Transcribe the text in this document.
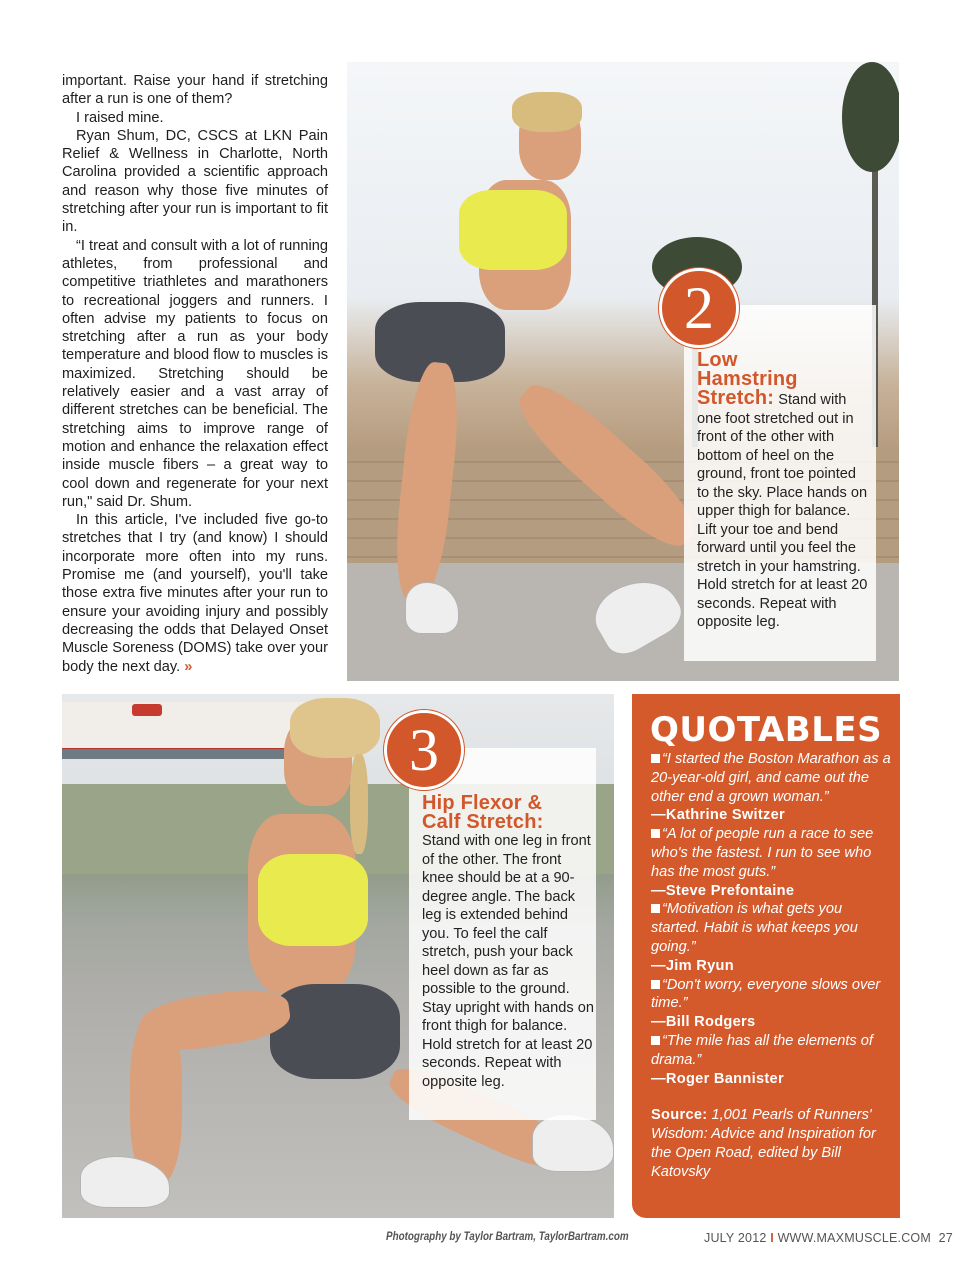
important. Raise your hand if stretching after a run is one of them?

I raised mine.

Ryan Shum, DC, CSCS at LKN Pain Relief & Wellness in Charlotte, North Carolina provided a scientific approach and reason why those five minutes of stretching after your run is important to fit in.

“I treat and consult with a lot of running athletes, from professional and competitive triathletes and marathoners to recreational joggers and runners. I often advise my patients to focus on stretching after a run as your body temperature and blood flow to muscles is maximized. Stretching should be relatively easier and a vast array of different stretches can be beneficial. The stretching aims to improve range of motion and enhance the relaxation effect inside muscle fibers – a great way to cool down and regenerate for your next run," said Dr. Shum.

In this article, I've included five go-to stretches that I try (and know) I should incorporate more often into my runs. Promise me (and yourself), you'll take those extra five minutes after your run to ensure your avoiding injury and possibly decreasing the odds that Delayed Onset Muscle Soreness (DOMS) take over your body the next day. »

Low
Hamstring
Stretch: Stand with one foot stretched out in front of the other with bottom of heel on the ground, front toe pointed to the sky. Place hands on upper thigh for balance. Lift your toe and bend forward until you feel the stretch in your hamstring. Hold stretch for at least 20 seconds. Repeat with opposite leg.
2
Hip Flexor &
Calf Stretch:
Stand with one leg in front of the other. The front knee should be at a 90-degree angle. The back leg is extended behind you. To feel the calf stretch, push your back heel down as far as possible to the ground. Stay upright with hands on front thigh for balance. Hold stretch for at least 20 seconds. Repeat with opposite leg.
3	QUOTABLES
“I started the Boston Marathon as a 20-year-old girl, and came out the other end a grown woman.”
—Kathrine Switzer
“A lot of people run a race to see who's the fastest. I run to see who has the most guts.”
—Steve Prefontaine
“Motivation is what gets you started. Habit is what keeps you going.”
—Jim Ryun
“Don't worry, everyone slows over time.”
—Bill Rodgers
“The mile has all the elements of drama.”
—Roger Bannister
Source: 1,001 Pearls of Runners' Wisdom: Advice and Inspiration for the Open Road, edited by Bill Katovsky
Photography by Taylor Bartram, TaylorBartram.com	JULY 2012 I WWW.MAXMUSCLE.COM 27
